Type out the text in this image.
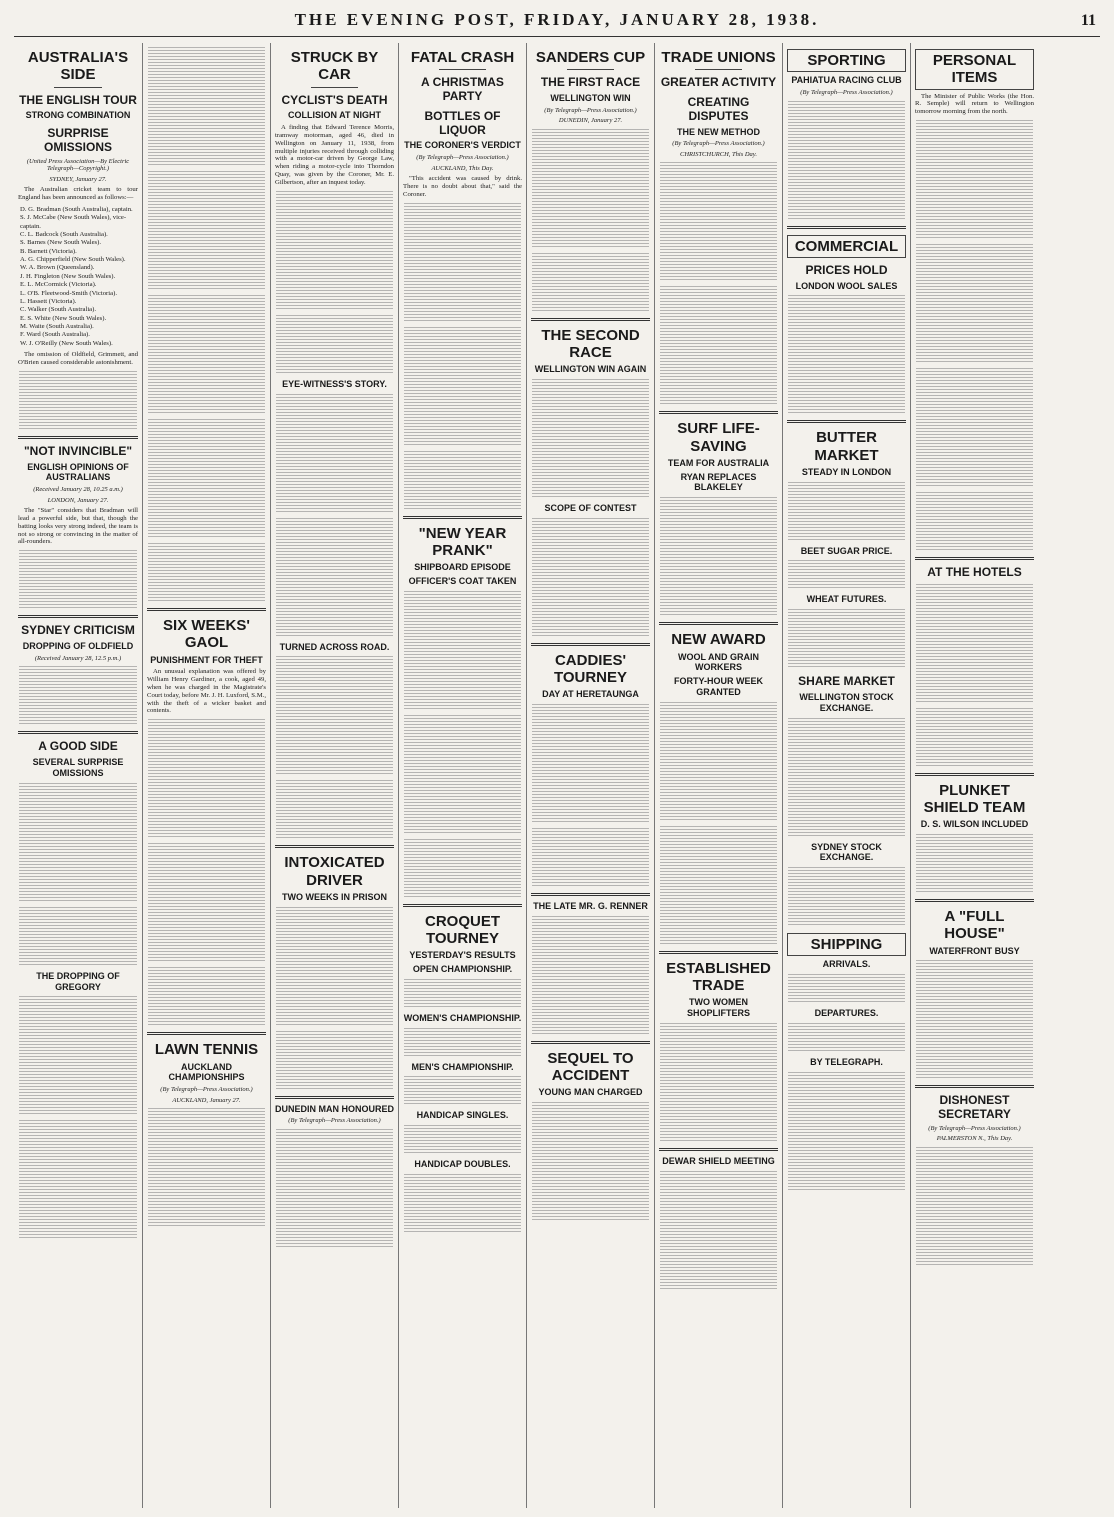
THE EVENING POST, FRIDAY, JANUARY 28, 1938.	11
AUSTRALIA'S SIDE
THE ENGLISH TOUR
STRONG COMBINATION
SURPRISE OMISSIONS
(United Press Association—By Electric Telegraph—Copyright.)
SYDNEY, January 27.

The Australian cricket team to tour England has been announced as follows:—

D. G. Bradman (South Australia), captain.
S. J. McCabe (New South Wales), vice-captain.
C. L. Badcock (South Australia).
S. Barnes (New South Wales).
B. Barnett (Victoria).
A. G. Chipperfield (New South Wales).
W. A. Brown (Queensland).
J. H. Fingleton (New South Wales).
E. L. McCormick (Victoria).
L. O'B. Fleetwood-Smith (Victoria).
L. Hassett (Victoria).
C. Walker (South Australia).
E. S. White (New South Wales).
M. Waite (South Australia).
F. Ward (South Australia).
W. J. O'Reilly (New South Wales).

The omission of Oldfield, Grimmett, and O'Brien caused considerable astonishment.

"NOT INVINCIBLE"
ENGLISH OPINIONS OF AUSTRALIANS
(Received January 28, 10.25 a.m.)
LONDON, January 27.

The "Star" considers that Bradman will lead a powerful side, but that, though the batting looks very strong indeed, the team is not so strong or convincing in the matter of all-rounders.

SYDNEY CRITICISM
DROPPING OF OLDFIELD
(Received January 28, 12.5 p.m.)
A GOOD SIDE
SEVERAL SURPRISE OMISSIONS
THE DROPPING OF GREGORY
SIX WEEKS' GAOL
PUNISHMENT FOR THEFT

An unusual explanation was offered by William Henry Gardiner, a cook, aged 49, when he was charged in the Magistrate's Court today, before Mr. J. H. Luxford, S.M., with the theft of a wicker basket and contents.

LAWN TENNIS
AUCKLAND CHAMPIONSHIPS
(By Telegraph—Press Association.)
AUCKLAND, January 27.
STRUCK BY CAR
CYCLIST'S DEATH
COLLISION AT NIGHT

A finding that Edward Terence Morris, tramway motorman, aged 46, died in Wellington on January 11, 1938, from multiple injuries received through colliding with a motor-car driven by George Law, when riding a motor-cycle into Thorndon Quay, was given by the Coroner, Mr. E. Gilbertson, after an inquest today.

EYE-WITNESS'S STORY.
TURNED ACROSS ROAD.
INTOXICATED DRIVER
TWO WEEKS IN PRISON
DUNEDIN MAN HONOURED
(By Telegraph—Press Association.)
FATAL CRASH
A CHRISTMAS PARTY
BOTTLES OF LIQUOR
THE CORONER'S VERDICT
(By Telegraph—Press Association.)
AUCKLAND, This Day.

"This accident was caused by drink. There is no doubt about that," said the Coroner.

"NEW YEAR PRANK"
SHIPBOARD EPISODE
OFFICER'S COAT TAKEN
CROQUET TOURNEY
YESTERDAY'S RESULTS
OPEN CHAMPIONSHIP.
WOMEN'S CHAMPIONSHIP.
MEN'S CHAMPIONSHIP.
HANDICAP SINGLES.
HANDICAP DOUBLES.
SANDERS CUP
THE FIRST RACE
WELLINGTON WIN
(By Telegraph—Press Association.)
DUNEDIN, January 27.
THE SECOND RACE
WELLINGTON WIN AGAIN
SCOPE OF CONTEST
CADDIES' TOURNEY
DAY AT HERETAUNGA
THE LATE MR. G. RENNER
SEQUEL TO ACCIDENT
YOUNG MAN CHARGED
TRADE UNIONS
GREATER ACTIVITY
CREATING DISPUTES
THE NEW METHOD
(By Telegraph—Press Association.)
CHRISTCHURCH, This Day.
SURF LIFE-SAVING
TEAM FOR AUSTRALIA
RYAN REPLACES BLAKELEY
NEW AWARD
WOOL AND GRAIN WORKERS
FORTY-HOUR WEEK GRANTED
ESTABLISHED TRADE
TWO WOMEN SHOPLIFTERS
DEWAR SHIELD MEETING
SPORTING
PAHIATUA RACING CLUB
(By Telegraph—Press Association.)
COMMERCIAL
PRICES HOLD
LONDON WOOL SALES
BUTTER MARKET
STEADY IN LONDON
BEET SUGAR PRICE.
WHEAT FUTURES.
SHARE MARKET
WELLINGTON STOCK EXCHANGE.
SYDNEY STOCK EXCHANGE.
SHIPPING
ARRIVALS.
DEPARTURES.
BY TELEGRAPH.
PERSONAL ITEMS

The Minister of Public Works (the Hon. R. Semple) will return to Wellington tomorrow morning from the north.

AT THE HOTELS
PLUNKET SHIELD TEAM
D. S. WILSON INCLUDED
A "FULL HOUSE"
WATERFRONT BUSY
DISHONEST SECRETARY
(By Telegraph—Press Association.)
PALMERSTON N., This Day.
